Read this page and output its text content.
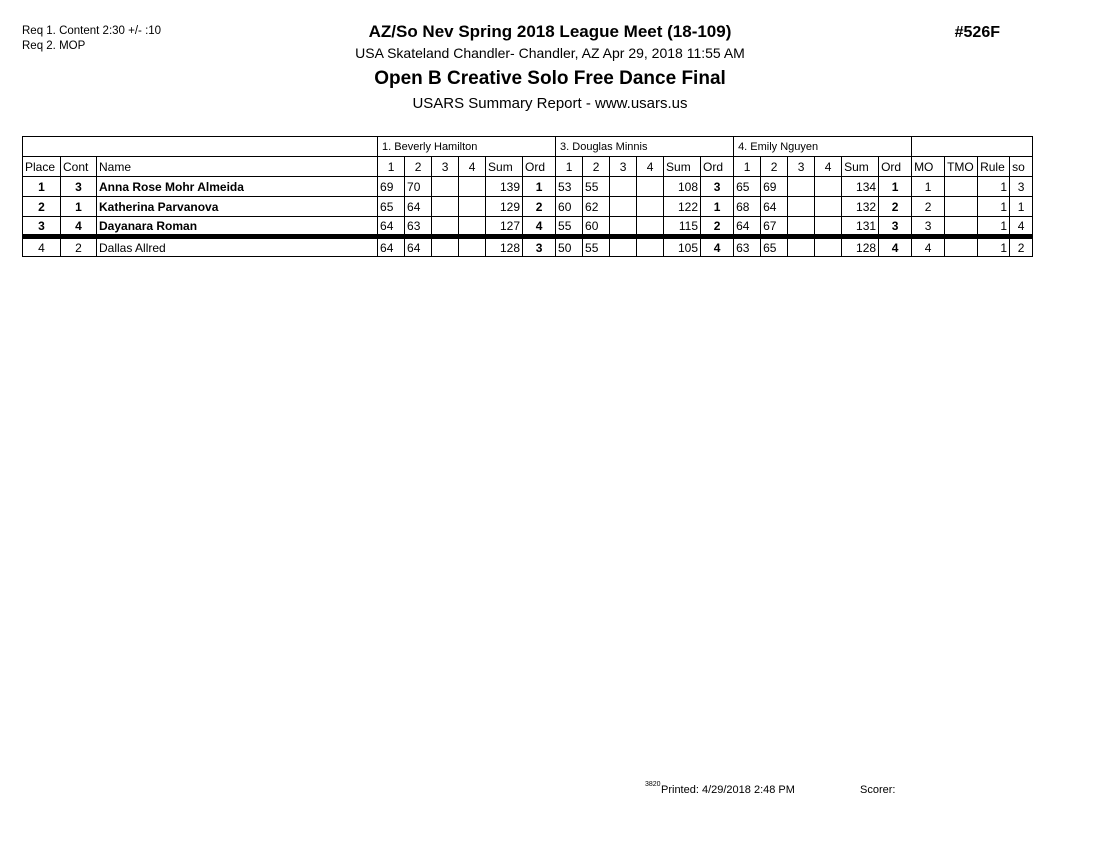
Req 1. Content 2:30 +/- :10
Req 2. MOP
#526F
AZ/So Nev Spring 2018 League Meet (18-109)
USA Skateland Chandler- Chandler, AZ Apr 29, 2018 11:55 AM
Open B Creative Solo Free Dance Final
USARS Summary Report - www.usars.us
			1. Beverly Hamilton						3. Douglas Minnis						4. Emily Nguyen									
Place	Cont	Name	1	2	3	4	Sum	Ord	1	2	3	4	Sum	Ord	1	2	3	4	Sum	Ord	MO	TMO	Rule	so
1	3	Anna Rose Mohr Almeida	69	70			139	1	53	55			108	3	65	69			134	1	1		1	3
2	1	Katherina Parvanova	65	64			129	2	60	62			122	1	68	64			132	2	2		1	1
3	4	Dayanara Roman	64	63			127	4	55	60			115	2	64	67			131	3	3		1	4
4	2	Dallas Allred	64	64			128	3	50	55			105	4	63	65			128	4	4		1	2
3820 Printed: 4/29/2018 2:48 PM	Scorer:
